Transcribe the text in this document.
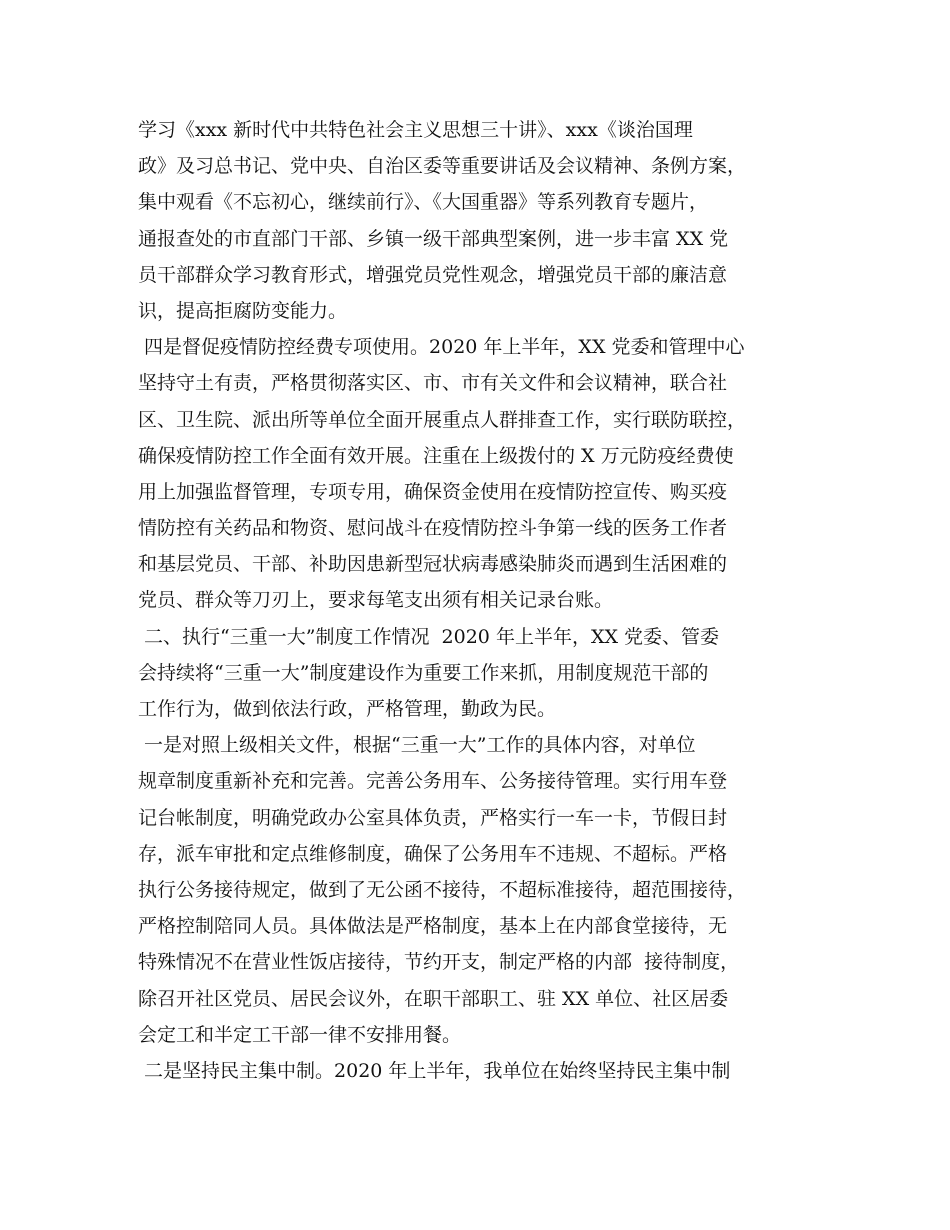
学习《xxx 新时代中共特色社会主义思想三十讲》、xxx《谈治国理
政》及习总书记、党中央、自治区委等重要讲话及会议精神、条例方案，
集中观看《不忘初心，继续前行》、《大国重器》等系列教育专题片，
通报查处的市直部门干部、乡镇一级干部典型案例，进一步丰富 XX 党
员干部群众学习教育形式，增强党员党性观念，增强党员干部的廉洁意
识，提高拒腐防变能力。
四是督促疫情防控经费专项使用。2020 年上半年，XX 党委和管理中心
坚持守土有责，严格贯彻落实区、市、市有关文件和会议精神，联合社
区、卫生院、派出所等单位全面开展重点人群排查工作，实行联防联控，
确保疫情防控工作全面有效开展。注重在上级拨付的 X 万元防疫经费使
用上加强监督管理，专项专用，确保资金使用在疫情防控宣传、购买疫
情防控有关药品和物资、慰问战斗在疫情防控斗争第一线的医务工作者
和基层党员、干部、补助因患新型冠状病毒感染肺炎而遇到生活困难的
党员、群众等刀刃上，要求每笔支出须有相关记录台账。
二、执行“三重一大”制度工作情况  2020 年上半年，XX 党委、管委
会持续将“三重一大”制度建设作为重要工作来抓，用制度规范干部的
工作行为，做到依法行政，严格管理，勤政为民。
一是对照上级相关文件，根据“三重一大”工作的具体内容，对单位
规章制度重新补充和完善。完善公务用车、公务接待管理。实行用车登
记台帐制度，明确党政办公室具体负责，严格实行一车一卡，节假日封
存，派车审批和定点维修制度，确保了公务用车不违规、不超标。严格
执行公务接待规定，做到了无公函不接待，不超标准接待，超范围接待，
严格控制陪同人员。具体做法是严格制度，基本上在内部食堂接待，无
特殊情况不在营业性饭店接待，节约开支，制定严格的内部  接待制度，
除召开社区党员、居民会议外，在职干部职工、驻 XX 单位、社区居委
会定工和半定工干部一律不安排用餐。
二是坚持民主集中制。2020 年上半年，我单位在始终坚持民主集中制
